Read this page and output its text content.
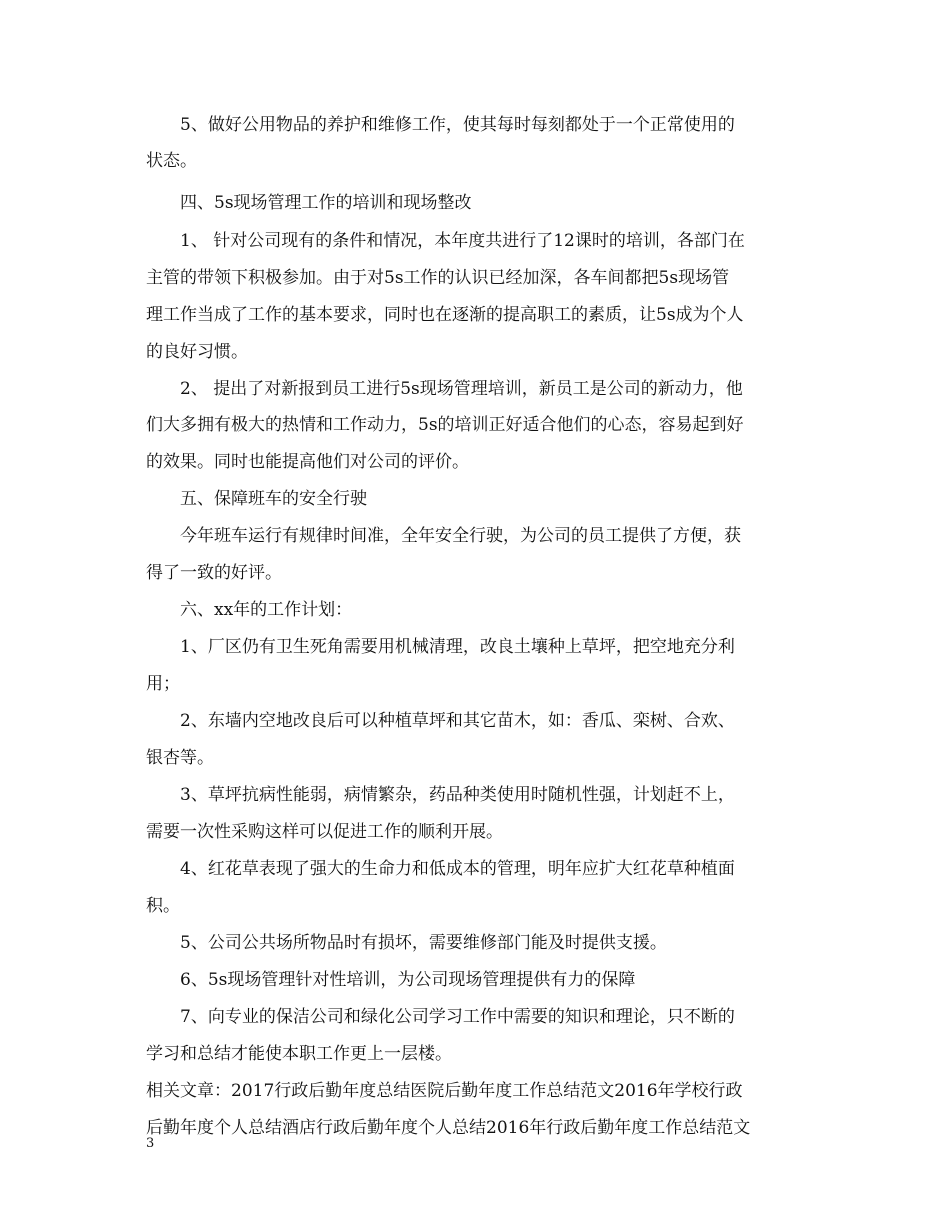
5、做好公用物品的养护和维修工作，使其每时每刻都处于一个正常使用的
状态。
四、5s现场管理工作的培训和现场整改
1、 针对公司现有的条件和情况，本年度共进行了12课时的培训，各部门在
主管的带领下积极参加。由于对5s工作的认识已经加深，各车间都把5s现场管
理工作当成了工作的基本要求，同时也在逐渐的提高职工的素质，让5s成为个人
的良好习惯。
2、 提出了对新报到员工进行5s现场管理培训，新员工是公司的新动力，他
们大多拥有极大的热情和工作动力，5s的培训正好适合他们的心态，容易起到好
的效果。同时也能提高他们对公司的评价。
五、保障班车的安全行驶
今年班车运行有规律时间准，全年安全行驶，为公司的员工提供了方便，获
得了一致的好评。
六、xx年的工作计划：
1、厂区仍有卫生死角需要用机械清理，改良土壤种上草坪，把空地充分利
用；
2、东墙内空地改良后可以种植草坪和其它苗木，如：香瓜、栾树、合欢、
银杏等。
3、草坪抗病性能弱，病情繁杂，药品种类使用时随机性强，计划赶不上，
需要一次性采购这样可以促进工作的顺利开展。
4、红花草表现了强大的生命力和低成本的管理，明年应扩大红花草种植面
积。
5、公司公共场所物品时有损坏，需要维修部门能及时提供支援。
6、5s现场管理针对性培训，为公司现场管理提供有力的保障
7、向专业的保洁公司和绿化公司学习工作中需要的知识和理论，只不断的
学习和总结才能使本职工作更上一层楼。
相关文章：2017行政后勤年度总结医院后勤年度工作总结范文2016年学校行政
后勤年度个人总结酒店行政后勤年度个人总结2016年行政后勤年度工作总结范文
3
